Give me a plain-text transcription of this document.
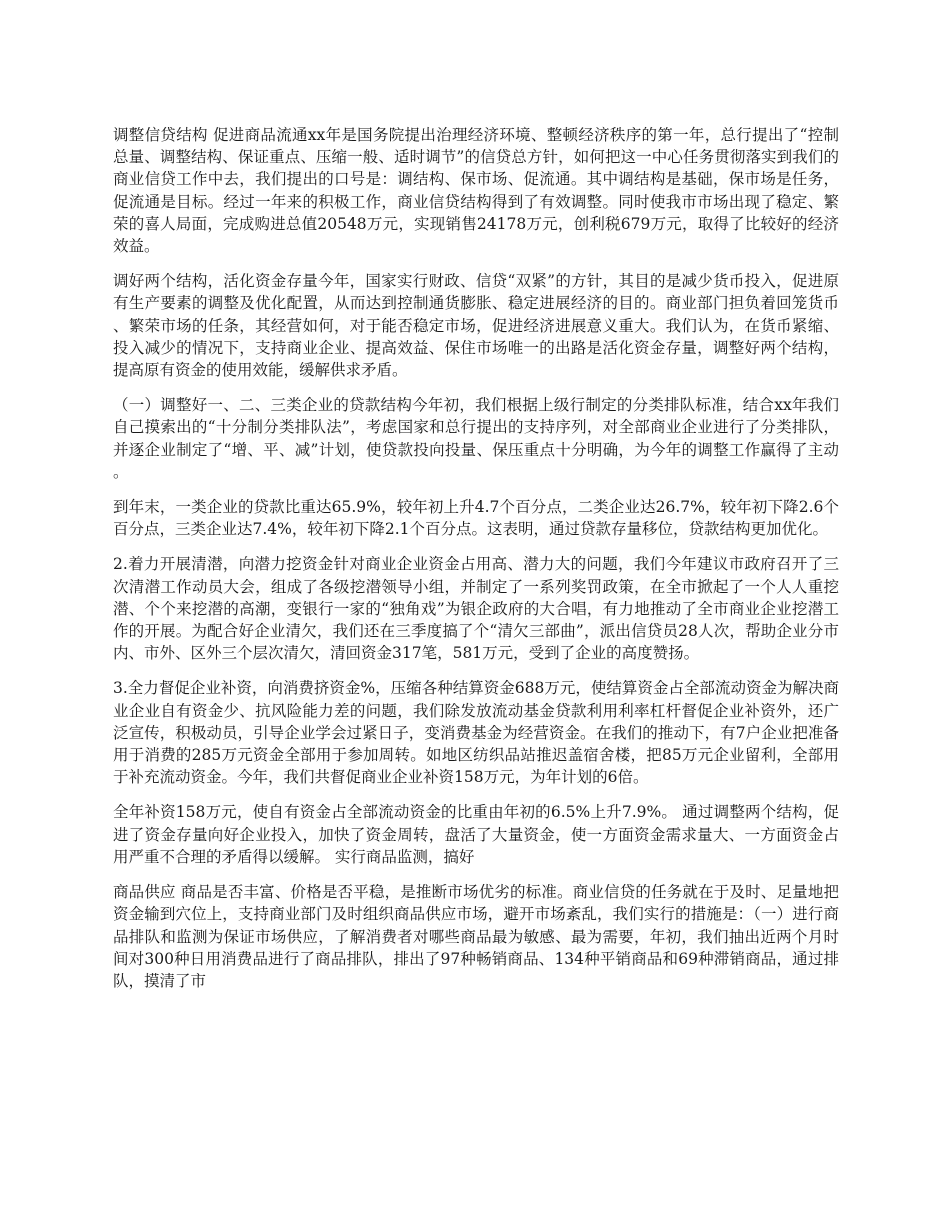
调整信贷结构 促进商品流通xx年是国务院提出治理经济环境、整顿经济秩序的第一年，总行提出了“控制总量、调整结构、保证重点、压缩一般、适时调节”的信贷总方针，如何把这一中心任务贯彻落实到我们的商业信贷工作中去，我们提出的口号是：调结构、保市场、促流通。其中调结构是基础，保市场是任务，促流通是目标。经过一年来的积极工作，商业信贷结构得到了有效调整。同时使我市市场出现了稳定、繁荣的喜人局面，完成购进总值20548万元，实现销售24178万元，创利税679万元，取得了比较好的经济效益。

调好两个结构，活化资金存量今年，国家实行财政、信贷“双紧”的方针，其目的是减少货币投入，促进原有生产要素的调整及优化配置，从而达到控制通货膨胀、稳定进展经济的目的。商业部门担负着回笼货币、繁荣市场的任条，其经营如何，对于能否稳定市场，促进经济进展意义重大。我们认为，在货币紧缩、投入减少的情况下，支持商业企业、提高效益、保住市场唯一的出路是活化资金存量，调整好两个结构，提高原有资金的使用效能，缓解供求矛盾。

（一）调整好一、二、三类企业的贷款结构今年初，我们根据上级行制定的分类排队标准，结合xx年我们自己摸索出的“十分制分类排队法”，考虑国家和总行提出的支持序列，对全部商业企业进行了分类排队，并逐企业制定了“增、平、减”计划，使贷款投向投量、保压重点十分明确，为今年的调整工作赢得了主动。

到年末，一类企业的贷款比重达65.9%，较年初上升4.7个百分点，二类企业达26.7%，较年初下降2.6个百分点，三类企业达7.4%，较年初下降2.1个百分点。这表明，通过贷款存量移位，贷款结构更加优化。

2.着力开展清潜，向潜力挖资金针对商业企业资金占用高、潜力大的问题，我们今年建议市政府召开了三次清潜工作动员大会，组成了各级挖潜领导小组，并制定了一系列奖罚政策，在全市掀起了一个人人重挖潜、个个来挖潜的高潮，变银行一家的“独角戏”为银企政府的大合唱，有力地推动了全市商业企业挖潜工作的开展。为配合好企业清欠，我们还在三季度搞了个“清欠三部曲”，派出信贷员28人次，帮助企业分市内、市外、区外三个层次清欠，清回资金317笔，581万元，受到了企业的高度赞扬。

3.全力督促企业补资，向消费挤资金%，压缩各种结算资金688万元，使结算资金占全部流动资金为解决商业企业自有资金少、抗风险能力差的问题，我们除发放流动基金贷款利用利率杠杆督促企业补资外，还广泛宣传，积极动员，引导企业学会过紧日子，变消费基金为经营资金。在我们的推动下，有7户企业把准备用于消费的285万元资金全部用于参加周转。如地区纺织品站推迟盖宿舍楼，把85万元企业留利，全部用于补充流动资金。今年，我们共督促商业企业补资158万元，为年计划的6倍。

全年补资158万元，使自有资金占全部流动资金的比重由年初的6.5%上升7.9%。 通过调整两个结构，促进了资金存量向好企业投入，加快了资金周转，盘活了大量资金，使一方面资金需求量大、一方面资金占用严重不合理的矛盾得以缓解。 实行商品监测，搞好

商品供应 商品是否丰富、价格是否平稳，是推断市场优劣的标准。商业信贷的任务就在于及时、足量地把资金输到穴位上，支持商业部门及时组织商品供应市场，避开市场紊乱，我们实行的措施是：（一）进行商品排队和监测为保证市场供应，了解消费者对哪些商品最为敏感、最为需要，年初，我们抽出近两个月时间对300种日用消费品进行了商品排队，排出了97种畅销商品、134种平销商品和69种滞销商品，通过排队，摸清了市
